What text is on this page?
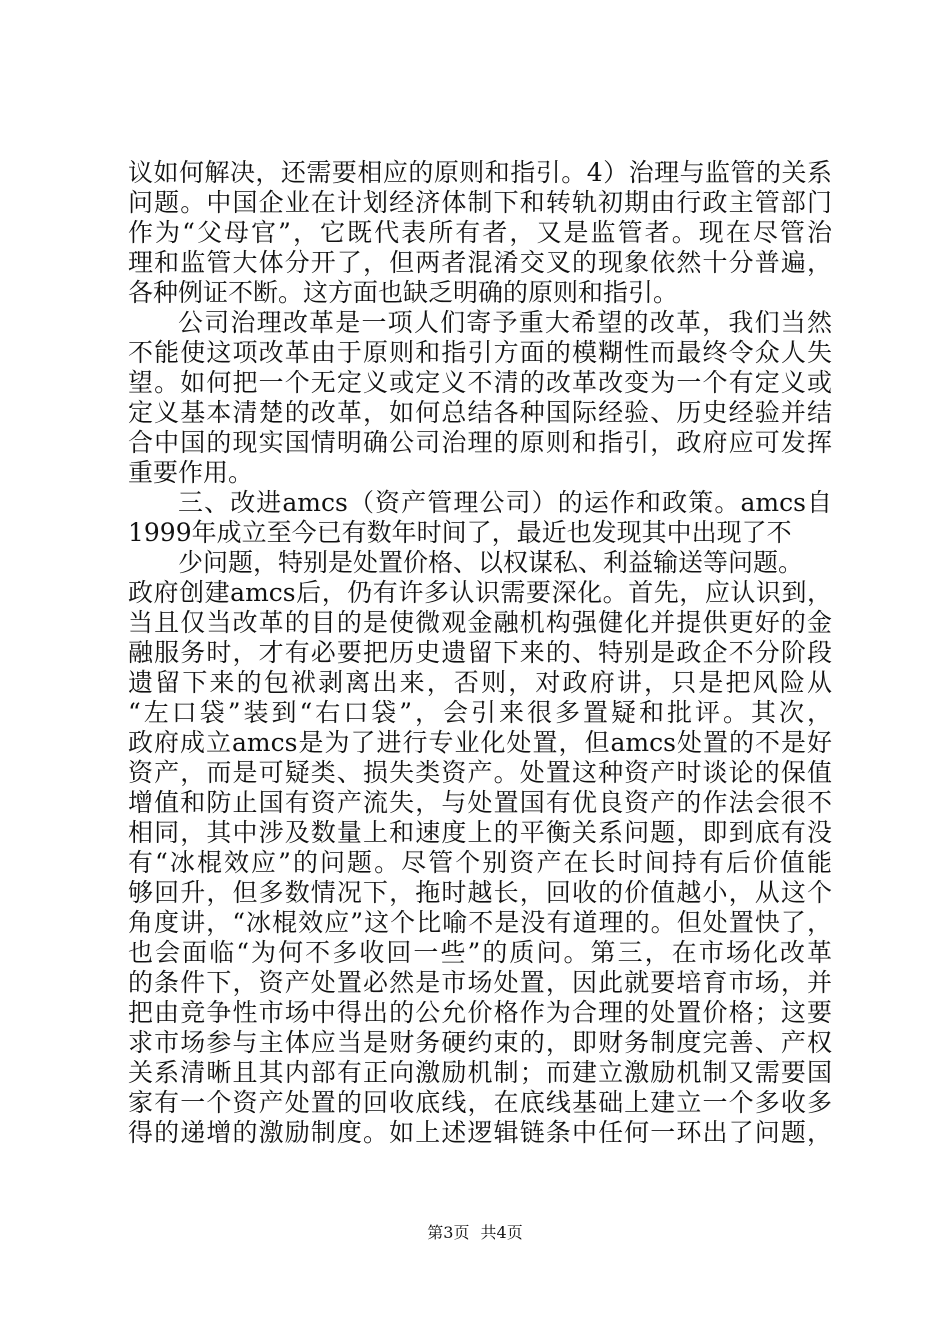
议如何解决，还需要相应的原则和指引。4）治理与监管的关系
问题。中国企业在计划经济体制下和转轨初期由行政主管部门
作为“父母官”，它既代表所有者，又是监管者。现在尽管治
理和监管大体分开了，但两者混淆交叉的现象依然十分普遍，
各种例证不断。这方面也缺乏明确的原则和指引。
公司治理改革是一项人们寄予重大希望的改革，我们当然
不能使这项改革由于原则和指引方面的模糊性而最终令众人失
望。如何把一个无定义或定义不清的改革改变为一个有定义或
定义基本清楚的改革，如何总结各种国际经验、历史经验并结
合中国的现实国情明确公司治理的原则和指引，政府应可发挥
重要作用。
三、改进amcs（资产管理公司）的运作和政策。amcs自
1999年成立至今已有数年时间了，最近也发现其中出现了不
少问题，特别是处置价格、以权谋私、利益输送等问题。
政府创建amcs后，仍有许多认识需要深化。首先，应认识到，
当且仅当改革的目的是使微观金融机构强健化并提供更好的金
融服务时，才有必要把历史遗留下来的、特别是政企不分阶段
遗留下来的包袱剥离出来，否则，对政府讲，只是把风险从
“左口袋”装到“右口袋”，会引来很多置疑和批评。其次，
政府成立amcs是为了进行专业化处置，但amcs处置的不是好
资产，而是可疑类、损失类资产。处置这种资产时谈论的保值
增值和防止国有资产流失，与处置国有优良资产的作法会很不
相同，其中涉及数量上和速度上的平衡关系问题，即到底有没
有“冰棍效应”的问题。尽管个别资产在长时间持有后价值能
够回升，但多数情况下，拖时越长，回收的价值越小，从这个
角度讲，“冰棍效应”这个比喻不是没有道理的。但处置快了，
也会面临“为何不多收回一些”的质问。第三，在市场化改革
的条件下，资产处置必然是市场处置，因此就要培育市场，并
把由竞争性市场中得出的公允价格作为合理的处置价格；这要
求市场参与主体应当是财务硬约束的，即财务制度完善、产权
关系清晰且其内部有正向激励机制；而建立激励机制又需要国
家有一个资产处置的回收底线，在底线基础上建立一个多收多
得的递增的激励制度。如上述逻辑链条中任何一环出了问题，
第3页 共4页
